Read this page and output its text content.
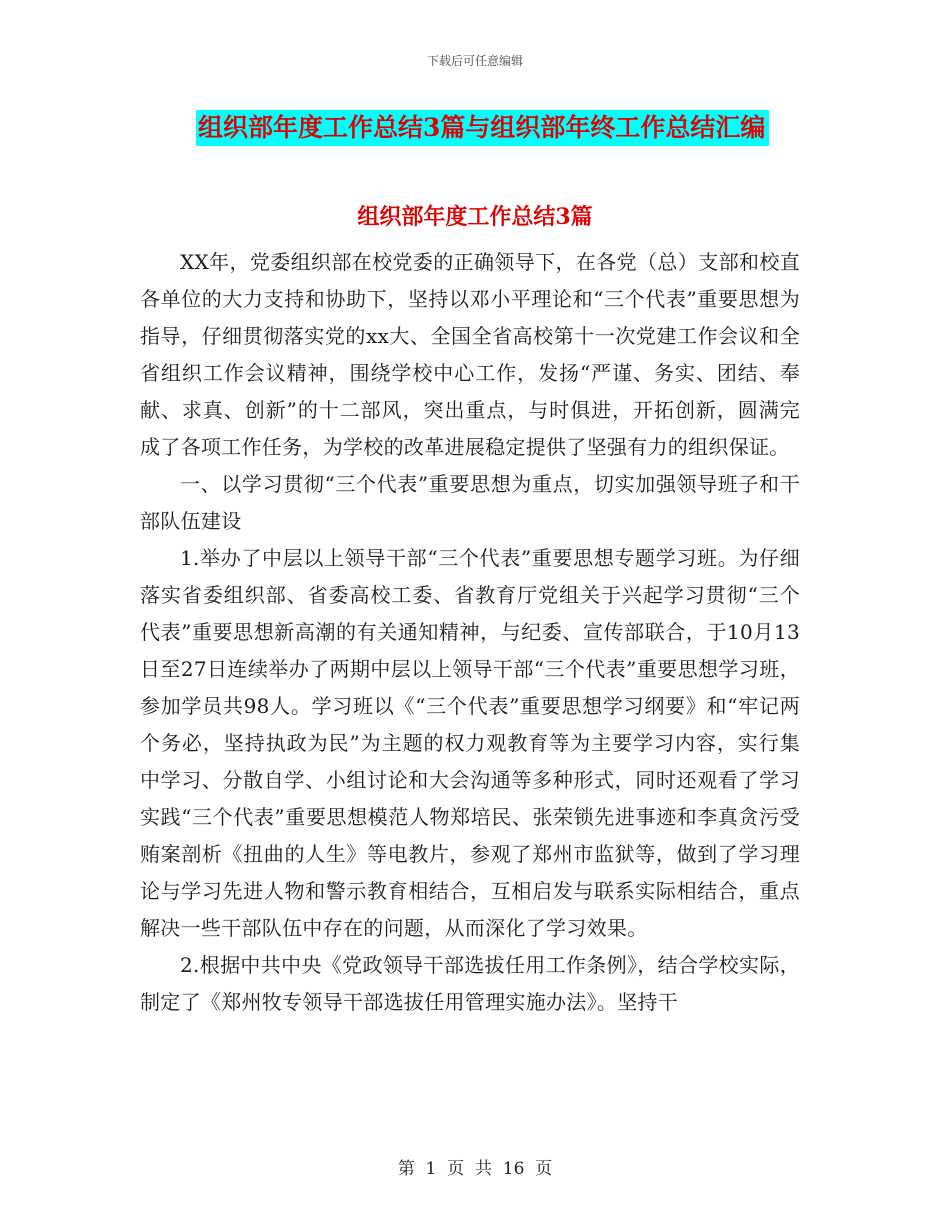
下载后可任意编辑
组织部年度工作总结3篇与组织部年终工作总结汇编
组织部年度工作总结3篇

XX年，党委组织部在校党委的正确领导下，在各党（总）支部和校直各单位的大力支持和协助下，坚持以邓小平理论和“三个代表”重要思想为指导，仔细贯彻落实党的xx大、全国全省高校第十一次党建工作会议和全省组织工作会议精神，围绕学校中心工作，发扬“严谨、务实、团结、奉献、求真、创新”的十二部风，突出重点，与时俱进，开拓创新，圆满完成了各项工作任务，为学校的改革进展稳定提供了坚强有力的组织保证。

一、以学习贯彻“三个代表”重要思想为重点，切实加强领导班子和干部队伍建设

1.举办了中层以上领导干部“三个代表”重要思想专题学习班。为仔细落实省委组织部、省委高校工委、省教育厅党组关于兴起学习贯彻“三个代表”重要思想新高潮的有关通知精神，与纪委、宣传部联合，于10月13日至27日连续举办了两期中层以上领导干部“三个代表”重要思想学习班，参加学员共98人。学习班以《“三个代表”重要思想学习纲要》和“牢记两个务必，坚持执政为民”为主题的权力观教育等为主要学习内容，实行集中学习、分散自学、小组讨论和大会沟通等多种形式，同时还观看了学习实践“三个代表”重要思想模范人物郑培民、张荣锁先进事迹和李真贪污受贿案剖析《扭曲的人生》等电教片，参观了郑州市监狱等，做到了学习理论与学习先进人物和警示教育相结合，互相启发与联系实际相结合，重点解决一些干部队伍中存在的问题，从而深化了学习效果。

2.根据中共中央《党政领导干部选拔任用工作条例》，结合学校实际，制定了《郑州牧专领导干部选拔任用管理实施办法》。坚持干

第  1  页  共  16  页
